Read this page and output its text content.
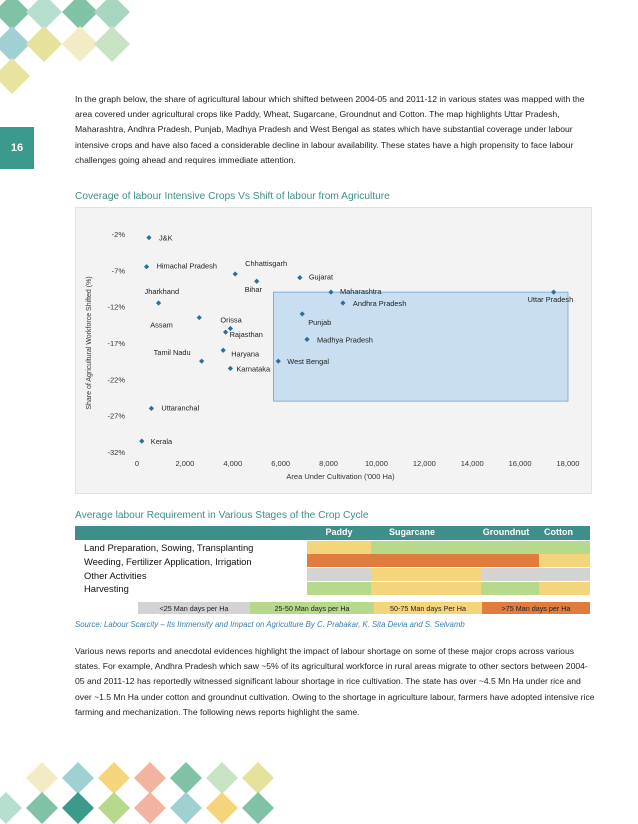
16

In the graph below, the share of agricultural labour which shifted between 2004-05 and 2011-12 in various states was mapped with the area covered under agricultural crops like Paddy, Wheat, Sugarcane, Groundnut and Cotton. The map highlights Uttar Pradesh, Maharashtra, Andhra Pradesh, Punjab, Madhya Pradesh and West Bengal as states which have substantial coverage under labour intensive crops and have also faced a considerable decline in labour availability. These states have a high propensity to face labour challenges going ahead and requires immediate attention.

Coverage of labour Intensive Crops Vs Shift of labour from Agriculture

0	2,000	4,000	6,000	8,000	10,000	12,000	14,000	16,000	18,000
-2%
-7%
-12%
-17%
-22%
-27%
-32%
Area Under Cultivation ('000 Ha)
Share of Agricultural Workforce Shifted (%)
J&K
Himachal Pradesh	Chhattisgarh
Bihar
Gujarat
Maharashtra
Andhra Pradesh	Uttar Pradesh
Jharkhand
Assam
Orissa
Rajasthan
Punjab
Madhya Pradesh
Haryana
Tamil Nadu
Karnataka
West Bengal
Uttaranchal
Kerala

Average labour Requirement in Various Stages of the Crop Cycle

Paddy	Sugarcane	Groundnut	Cotton
Land Preparation, Sowing, Transplanting
Weeding, Fertilizer Application, Irrigation
Other Activities
Harvesting
<25 Man days per Ha	25-50 Man days per Ha	50-75 Man days Per Ha	>75 Man days per Ha

Source: Labour Scarcity – Its Immensity and Impact on Agriculture By C. Prabakar, K. Sita Devia and S. Selvamb

Various news reports and anecdotal evidences highlight the impact of labour shortage on some of these major crops across various states. For example, Andhra Pradesh which saw ~5% of its agricultural workforce in rural areas migrate to other sectors between 2004-05 and 2011-12 has reportedly witnessed significant labour shortage in rice cultivation. The state has over ~4.5 Mn Ha under rice and over ~1.5 Mn Ha under cotton and groundnut cultivation. Owing to the shortage in agriculture labour, farmers have adopted intensive rice farming and mechanization. The following news reports highlight the same.
